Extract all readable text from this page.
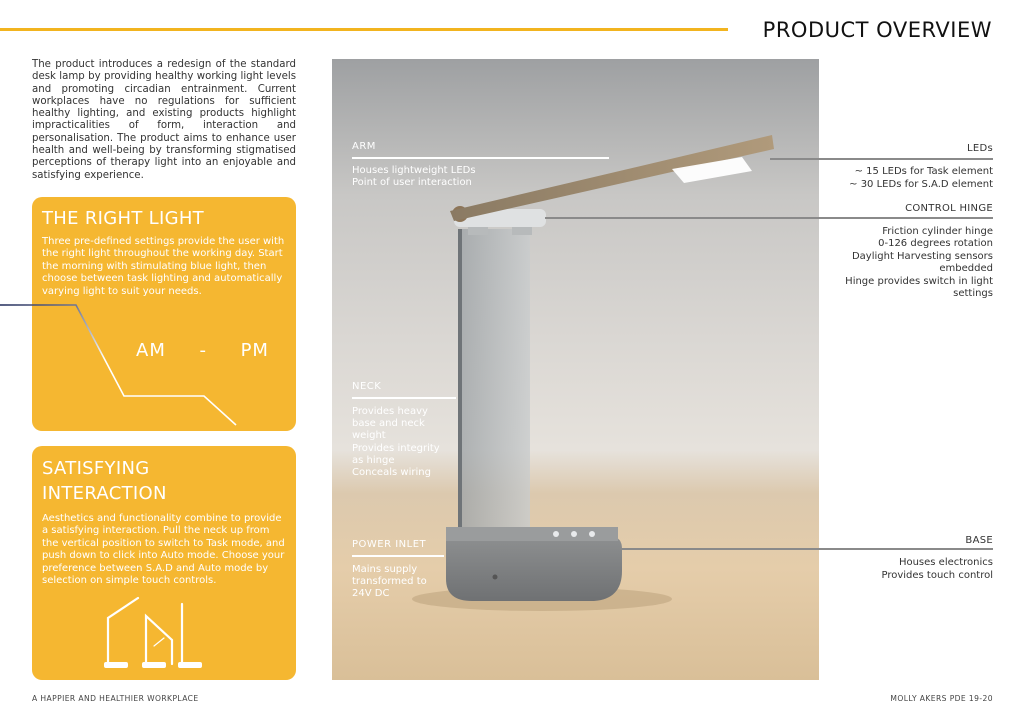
PRODUCT OVERVIEW
The product introduces a redesign of the standard desk lamp by providing healthy working light levels and promoting circadian entrainment. Current workplaces have no regulations for sufficient healthy lighting, and existing products highlight impracticalities of form, interaction and personalisation. The product aims to enhance user health and well-being by transforming stigmatised perceptions of therapy light into an enjoyable and satisfying experience.
THE RIGHT LIGHT

Three pre-defined settings provide the user with the right light throughout the working day. Start the morning with stimulating blue light, then choose between task lighting and automatically varying light to suit your needs.

AM - PM
SATISFYING
INTERACTION

Aesthetics and functionality combine to provide a satisfying interaction. Pull the neck up from the vertical position to switch to Task mode, and push down to click into Auto mode. Choose your preference between S.A.D and Auto mode by selection on simple touch controls.

ARM
Houses lightweight LEDs
Point of user interaction
NECK
Provides heavy
base and neck
weight
Provides integrity
as hinge
Conceals wiring
POWER INLET
Mains supply
transformed to
24V DC
LEDs
~ 15 LEDs for Task element
~ 30 LEDs for S.A.D element
CONTROL HINGE
Friction cylinder hinge
0-126 degrees rotation
Daylight Harvesting sensors
embedded
Hinge provides switch in light
settings
BASE
Houses electronics
Provides touch control
A HAPPIER AND HEALTHIER WORKPLACE	MOLLY AKERS PDE 19-20
